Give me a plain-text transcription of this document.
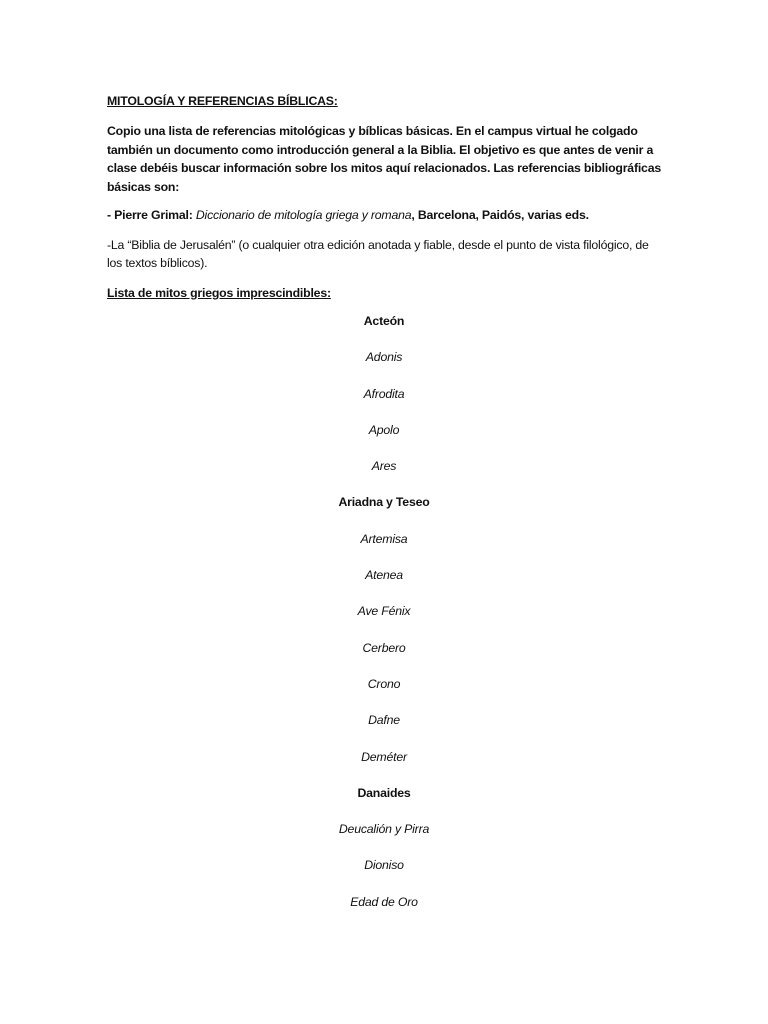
MITOLOGÍA Y REFERENCIAS BÍBLICAS:

Copio una lista de referencias mitológicas y bíblicas básicas. En el campus virtual he colgado también un documento como introducción general a la Biblia. El objetivo es que antes de venir a clase debéis buscar información sobre los mitos aquí relacionados. Las referencias bibliográficas básicas son:

- Pierre Grimal: Diccionario de mitología griega y romana, Barcelona, Paidós, varias eds.

-La “Biblia de Jerusalén” (o cualquier otra edición anotada y fiable, desde el punto de vista filológico, de los textos bíblicos).

Lista de mitos griegos imprescindibles:
Acteón
Adonis
Afrodita
Apolo
Ares
Ariadna y Teseo
Artemisa
Atenea
Ave Fénix
Cerbero
Crono
Dafne
Deméter
Danaides
Deucalión y Pirra
Dioniso
Edad de Oro
